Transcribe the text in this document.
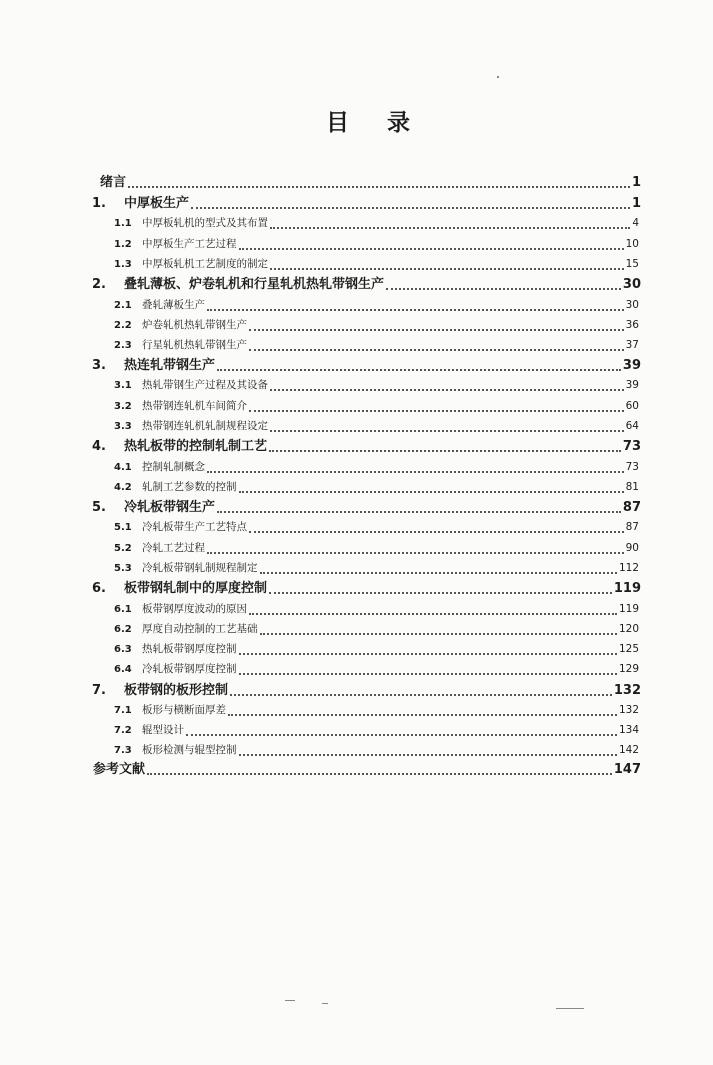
目 录
绪言	1
1.	中厚板生产	1
1.1 中厚板轧机的型式及其布置	4
1.2 中厚板生产工艺过程	10
1.3 中厚板轧机工艺制度的制定	15
2.	叠轧薄板、炉卷轧机和行星轧机热轧带钢生产	30
2.1 叠轧薄板生产	30
2.2 炉卷轧机热轧带钢生产	36
2.3 行星轧机热轧带钢生产	37
3.	热连轧带钢生产	39
3.1 热轧带钢生产过程及其设备	39
3.2 热带钢连轧机车间简介	60
3.3 热带钢连轧机轧制规程设定	64
4.	热轧板带的控制轧制工艺	73
4.1 控制轧制概念	73
4.2 轧制工艺参数的控制	81
5.	冷轧板带钢生产	87
5.1 冷轧板带生产工艺特点	87
5.2 冷轧工艺过程	90
5.3 冷轧板带钢轧制规程制定	112
6.	板带钢轧制中的厚度控制	119
6.1 板带钢厚度波动的原因	119
6.2 厚度自动控制的工艺基础	120
6.3 热轧板带钢厚度控制	125
6.4 冷轧板带钢厚度控制	129
7.	板带钢的板形控制	132
7.1 板形与横断面厚差	132
7.2 辊型设计	134
7.3 板形检测与辊型控制	142
参考文献	147
